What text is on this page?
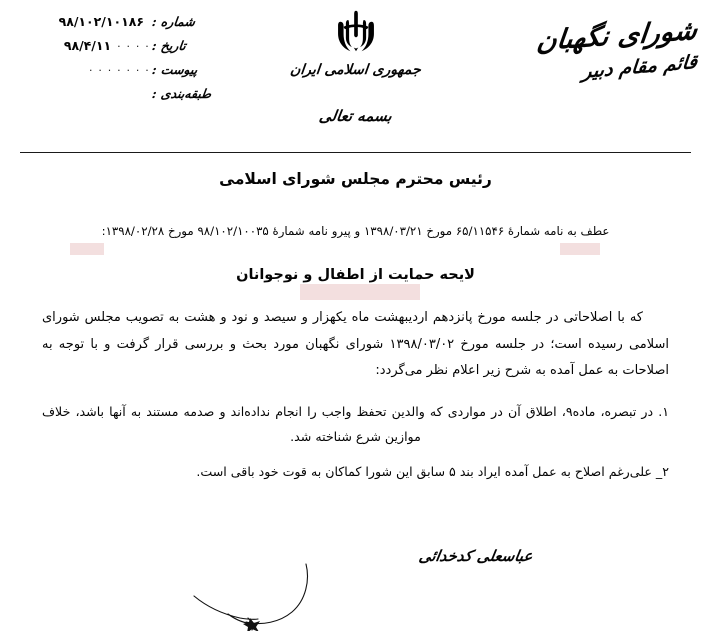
شماره :
۹۸/۱۰۲/۱۰۱۸۶
تاریخ :
· · · ·
۹۸/۴/۱۱
پیوست :
· · · · · · ·
طبقه‌بندی :
جمهوری اسلامی ایران
شورای نگهبان
قائم مقام دبیر
بسمه تعالی
رئیس محترم مجلس شورای اسلامی
عطف به نامه شمارهٔ ۶۵/۱۱۵۴۶ مورخ ۱۳۹۸/۰۳/۲۱ و پیرو نامه شمارهٔ ۹۸/۱۰۲/۱۰۰۳۵ مورخ ۱۳۹۸/۰۲/۲۸:
لایحه حمایت از اطفال و نوجوانان

که با اصلاحاتی در جلسه مورخ پانزدهم اردیبهشت ماه یکهزار و سیصد و نود و هشت به تصویب مجلس شورای اسلامی رسیده است؛ در جلسه مورخ ۱۳۹۸/۰۳/۰۲ شورای نگهبان مورد بحث و بررسی قرار گرفت و با توجه به اصلاحات به عمل آمده به شرح زیر اعلام نظر می‌گردد:

۱. در تبصره، ماده۹، اطلاق آن در مواردی که والدین تحفظ واجب را انجام نداده‌اند و صدمه مستند به آنها باشد، خلاف موازین شرع شناخته شد.

۲_ علی‌رغم اصلاح به عمل آمده ایراد بند ۵ سابق این شورا کماکان به قوت خود باقی است.

عباسعلی کدخدائی
